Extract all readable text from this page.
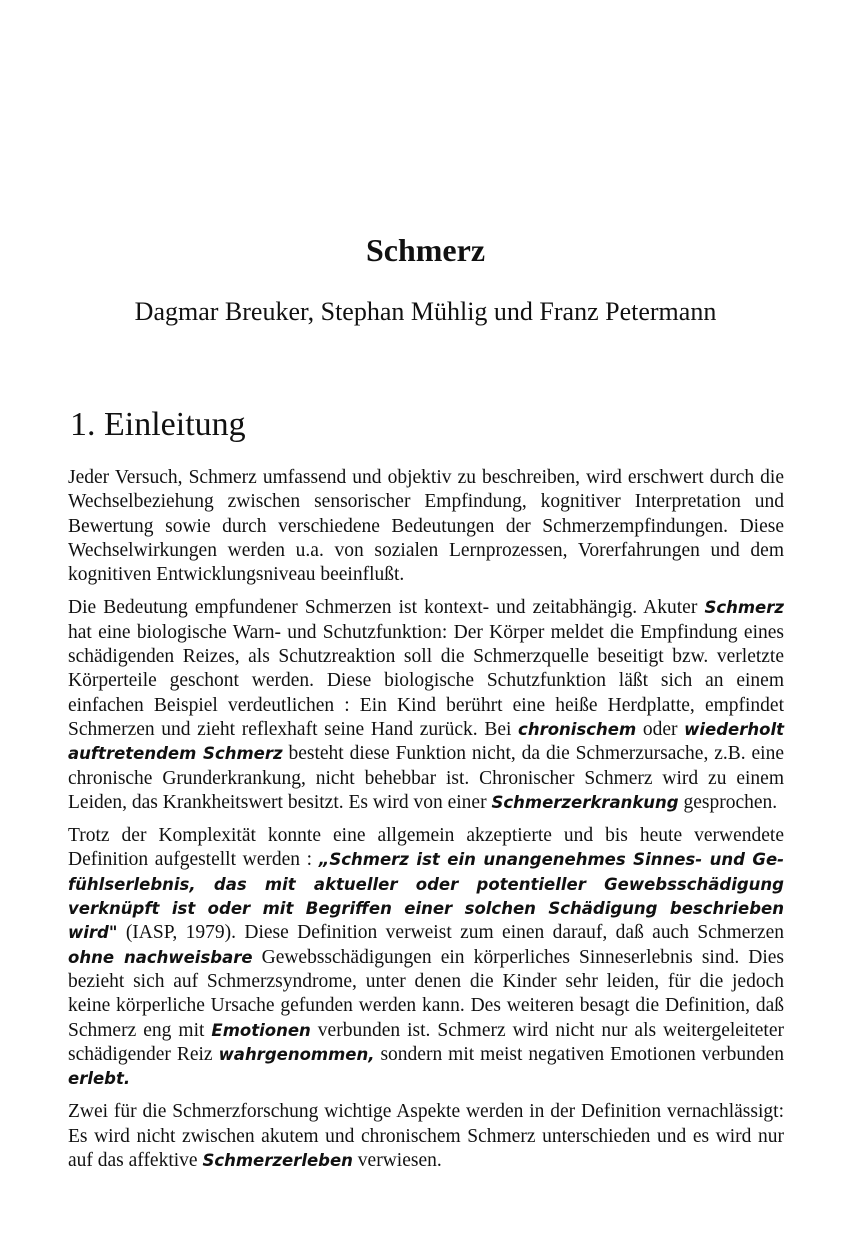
Schmerz
Dagmar Breuker, Stephan Mühlig und Franz Petermann
1. Einleitung

Jeder Versuch, Schmerz umfassend und objektiv zu beschreiben, wird erschwert durch die Wechselbeziehung zwischen sensorischer Empfindung, kognitiver Interpretation und Bewertung sowie durch verschiedene Bedeutungen der Schmerzempfindungen. Diese Wechselwirkungen werden u.a. von sozialen Lernprozessen, Vorerfahrungen und dem kognitiven Entwicklungsniveau beeinflußt.

Die Bedeutung empfundener Schmerzen ist kontext- und zeitabhängig. Akuter Schmerz hat eine biologische Warn- und Schutzfunktion: Der Körper meldet die Empfindung eines schädigenden Reizes, als Schutzreaktion soll die Schmerzquelle beseitigt bzw. verletzte Körperteile geschont werden. Diese biologische Schutzfunktion läßt sich an einem einfachen Beispiel verdeutlichen : Ein Kind berührt eine heiße Herdplatte, empfindet Schmerzen und zieht reflexhaft seine Hand zurück. Bei chronischem oder wiederholt auftretendem Schmerz besteht diese Funktion nicht, da die Schmerzursache, z.B. eine chronische Grunderkrankung, nicht behebbar ist. Chronischer Schmerz wird zu einem Leiden, das Krankheitswert besitzt. Es wird von einer Schmerzerkrankung gesprochen.

Trotz der Komplexität konnte eine allgemein akzeptierte und bis heute verwendete Definition aufgestellt werden : „Schmerz ist ein unangenehmes Sinnes- und Gefühlserlebnis, das mit aktueller oder potentieller Gewebsschädigung verknüpft ist oder mit Begriffen einer solchen Schädigung beschrieben wird" (IASP, 1979). Diese Definition verweist zum einen darauf, daß auch Schmerzen ohne nachweisbare Gewebsschädigungen ein körperliches Sinneserlebnis sind. Dies bezieht sich auf Schmerzsyndrome, unter denen die Kinder sehr leiden, für die jedoch keine körperliche Ursache gefunden werden kann. Des weiteren besagt die Definition, daß Schmerz eng mit Emotionen verbunden ist. Schmerz wird nicht nur als weitergeleiteter schädigender Reiz wahrgenommen, sondern mit meist negativen Emotionen verbunden erlebt.

Zwei für die Schmerzforschung wichtige Aspekte werden in der Definition vernachlässigt: Es wird nicht zwischen akutem und chronischem Schmerz unterschieden und es wird nur auf das affektive Schmerzerleben verwiesen.
